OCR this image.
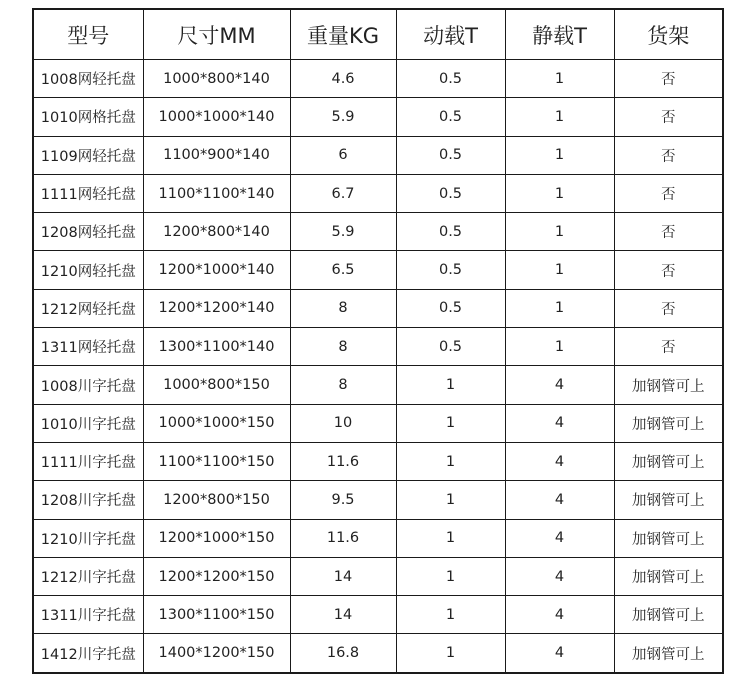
型号	尺寸MM	重量KG	动载T	静载T	货架
1008网轻托盘	1000*800*140	4.6	0.5	1	否
1010网格托盘	1000*1000*140	5.9	0.5	1	否
1109网轻托盘	1100*900*140	6	0.5	1	否
1111网轻托盘	1100*1100*140	6.7	0.5	1	否
1208网轻托盘	1200*800*140	5.9	0.5	1	否
1210网轻托盘	1200*1000*140	6.5	0.5	1	否
1212网轻托盘	1200*1200*140	8	0.5	1	否
1311网轻托盘	1300*1100*140	8	0.5	1	否
1008川字托盘	1000*800*150	8	1	4	加钢管可上
1010川字托盘	1000*1000*150	10	1	4	加钢管可上
1111川字托盘	1100*1100*150	11.6	1	4	加钢管可上
1208川字托盘	1200*800*150	9.5	1	4	加钢管可上
1210川字托盘	1200*1000*150	11.6	1	4	加钢管可上
1212川字托盘	1200*1200*150	14	1	4	加钢管可上
1311川字托盘	1300*1100*150	14	1	4	加钢管可上
1412川字托盘	1400*1200*150	16.8	1	4	加钢管可上
